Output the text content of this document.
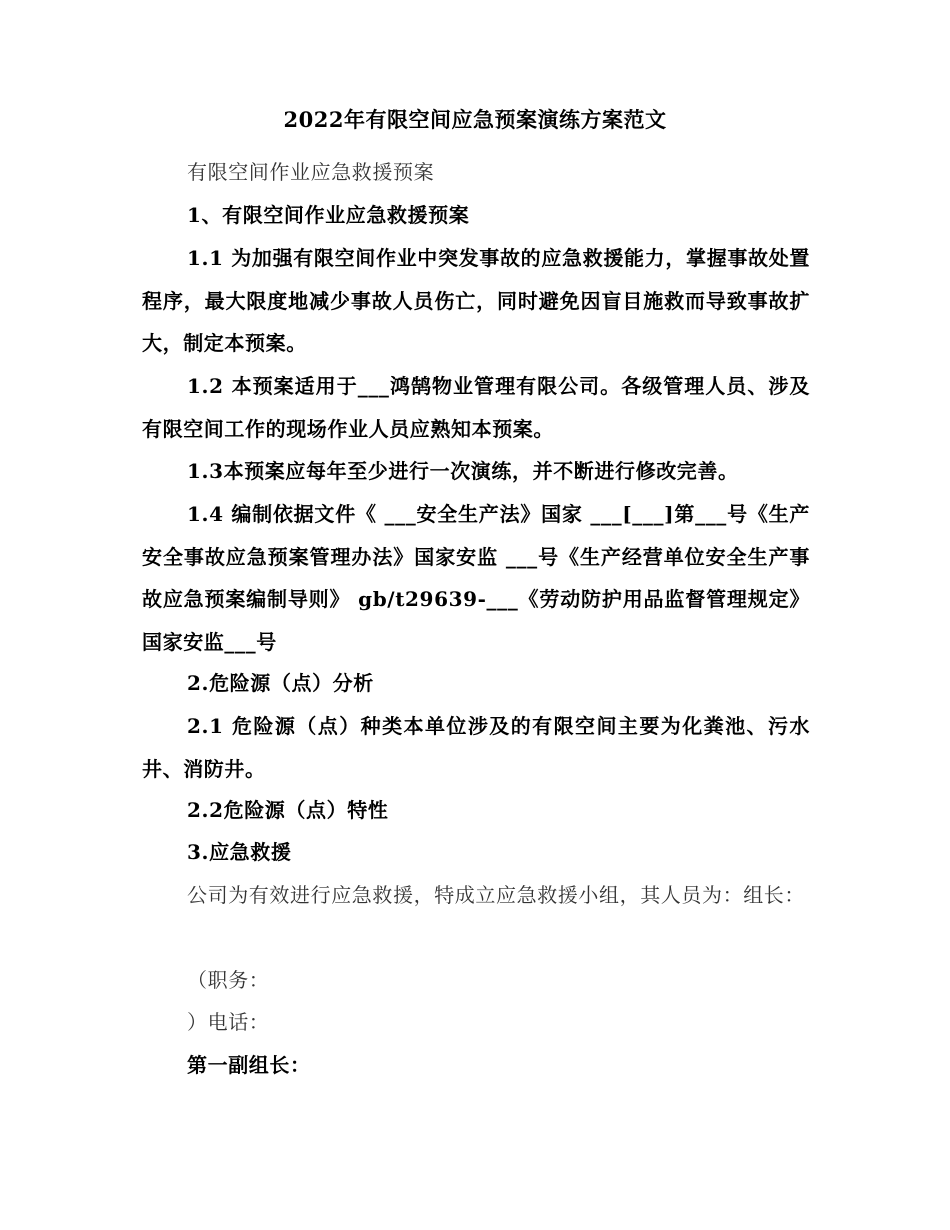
2022年有限空间应急预案演练方案范文
有限空间作业应急救援预案
1、有限空间作业应急救援预案
1.1 为加强有限空间作业中突发事故的应急救援能力，掌握事故处置程序，最大限度地减少事故人员伤亡，同时避免因盲目施救而导致事故扩大，制定本预案。
1.2 本预案适用于___鸿鹄物业管理有限公司。各级管理人员、涉及有限空间工作的现场作业人员应熟知本预案。
1.3本预案应每年至少进行一次演练，并不断进行修改完善。
1.4 编制依据文件《 ___安全生产法》国家 ___[___]第___号《生产安全事故应急预案管理办法》国家安监 ___号《生产经营单位安全生产事故应急预案编制导则》 gb/t29639-___《劳动防护用品监督管理规定》国家安监___号
2.危险源（点）分析
2.1 危险源（点）种类本单位涉及的有限空间主要为化粪池、污水井、消防井。
2.2危险源（点）特性
3.应急救援
公司为有效进行应急救援，特成立应急救援小组，其人员为：组长：
（职务：
）电话：
第一副组长：
